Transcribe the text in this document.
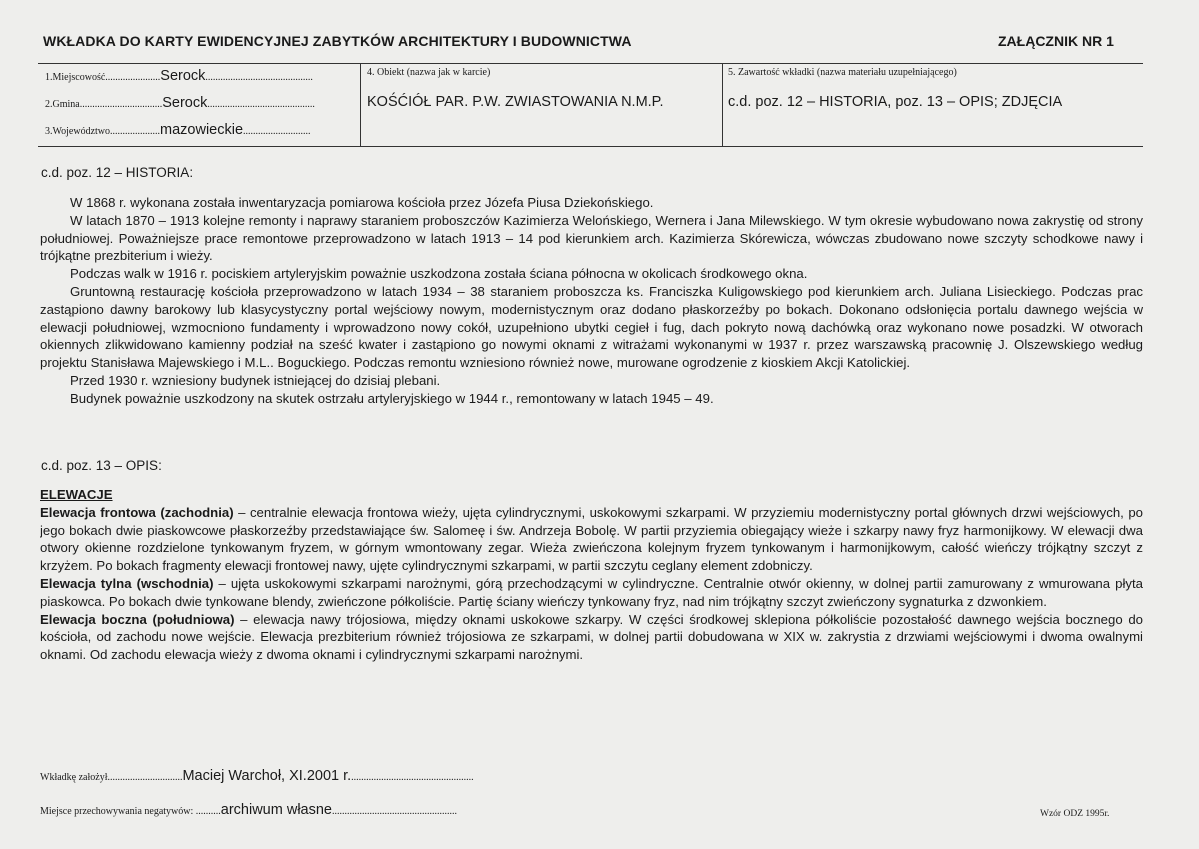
WKŁADKA DO KARTY EWIDENCYJNEJ ZABYTKÓW ARCHITEKTURY I BUDOWNICTWA	ZAŁĄCZNIK NR 1
1.Miejscowość......................Serock...........................................
2.Gmina.................................Serock...........................................
3.Województwo....................mazowieckie...........................
4. Obiekt (nazwa jak w karcie)
KOŚĆIÓŁ PAR. P.W. ZWIASTOWANIA N.M.P.
5. Zawartość wkładki (nazwa materiału uzupełniającego)
c.d. poz. 12 – HISTORIA, poz. 13 – OPIS; ZDJĘCIA
c.d. poz. 12 – HISTORIA:

W 1868 r. wykonana została inwentaryzacja pomiarowa kościoła przez Józefa Piusa Dziekońskiego.

W latach 1870 – 1913 kolejne remonty i naprawy staraniem proboszczów Kazimierza Welońskiego, Wernera i Jana Milewskiego. W tym okresie wybudowano nowa zakrystię od strony południowej. Poważniejsze prace remontowe przeprowadzono w latach 1913 – 14 pod kierunkiem arch. Kazimierza Skórewicza, wówczas zbudowano nowe szczyty schodkowe nawy i trójkątne prezbiterium i wieży.

Podczas walk w 1916 r. pociskiem artyleryjskim poważnie uszkodzona została ściana północna w okolicach środkowego okna.

Gruntowną restaurację kościoła przeprowadzono w latach 1934 – 38 staraniem proboszcza ks. Franciszka Kuligowskiego pod kierunkiem arch. Juliana Lisieckiego. Podczas prac zastąpiono dawny barokowy lub klasycystyczny portal wejściowy nowym, modernistycznym oraz dodano płaskorzeźby po bokach. Dokonano odsłonięcia portalu dawnego wejścia w elewacji południowej, wzmocniono fundamenty i wprowadzono nowy cokół, uzupełniono ubytki cegieł i fug, dach pokryto nową dachówką oraz wykonano nowe posadzki. W otworach okiennych zlikwidowano kamienny podział na sześć kwater i zastąpiono go nowymi oknami z witrażami wykonanymi w 1937 r. przez warszawską pracownię J. Olszewskiego według projektu Stanisława Majewskiego i M.L.. Boguckiego. Podczas remontu wzniesiono również nowe, murowane ogrodzenie z kioskiem Akcji Katolickiej.

Przed 1930 r. wzniesiony budynek istniejącej do dzisiaj plebani.

Budynek poważnie uszkodzony na skutek ostrzału artyleryjskiego w 1944 r., remontowany w latach 1945 – 49.

c.d. poz. 13 – OPIS:

ELEWACJE

Elewacja frontowa (zachodnia) – centralnie elewacja frontowa wieży, ujęta cylindrycznymi, uskokowymi szkarpami. W przyziemiu modernistyczny portal głównych drzwi wejściowych, po jego bokach dwie piaskowcowe płaskorzeźby przedstawiające św. Salomeę i św. Andrzeja Bobolę. W partii przyziemia obiegający wieże i szkarpy nawy fryz harmonijkowy. W elewacji dwa otwory okienne rozdzielone tynkowanym fryzem, w górnym wmontowany zegar. Wieża zwieńczona kolejnym fryzem tynkowanym i harmonijkowym, całość wieńczy trójkątny szczyt z krzyżem. Po bokach fragmenty elewacji frontowej nawy, ujęte cylindrycznymi szkarpami, w partii szczytu ceglany element zdobniczy.

Elewacja tylna (wschodnia) – ujęta uskokowymi szkarpami narożnymi, górą przechodzącymi w cylindryczne. Centralnie otwór okienny, w dolnej partii zamurowany z wmurowana płyta piaskowca. Po bokach dwie tynkowane blendy, zwieńczone półkoliście. Partię ściany wieńczy tynkowany fryz, nad nim trójkątny szczyt zwieńczony sygnaturka z dzwonkiem.

Elewacja boczna (południowa) – elewacja nawy trójosiowa, między oknami uskokowe szkarpy. W części środkowej sklepiona półkoliście pozostałość dawnego wejścia bocznego do kościoła, od zachodu nowe wejście. Elewacja prezbiterium również trójosiowa ze szkarpami, w dolnej partii dobudowana w XIX w. zakrystia z drzwiami wejściowymi i dwoma owalnymi oknami. Od zachodu elewacja wieży z dwoma oknami i cylindrycznymi szkarpami narożnymi.

Wkładkę założył..............................Maciej Warchoł, XI.2001 r..................................................
Miejsce przechowywania negatywów: ..........archiwum własne..................................................	Wzór ODZ 1995r.
